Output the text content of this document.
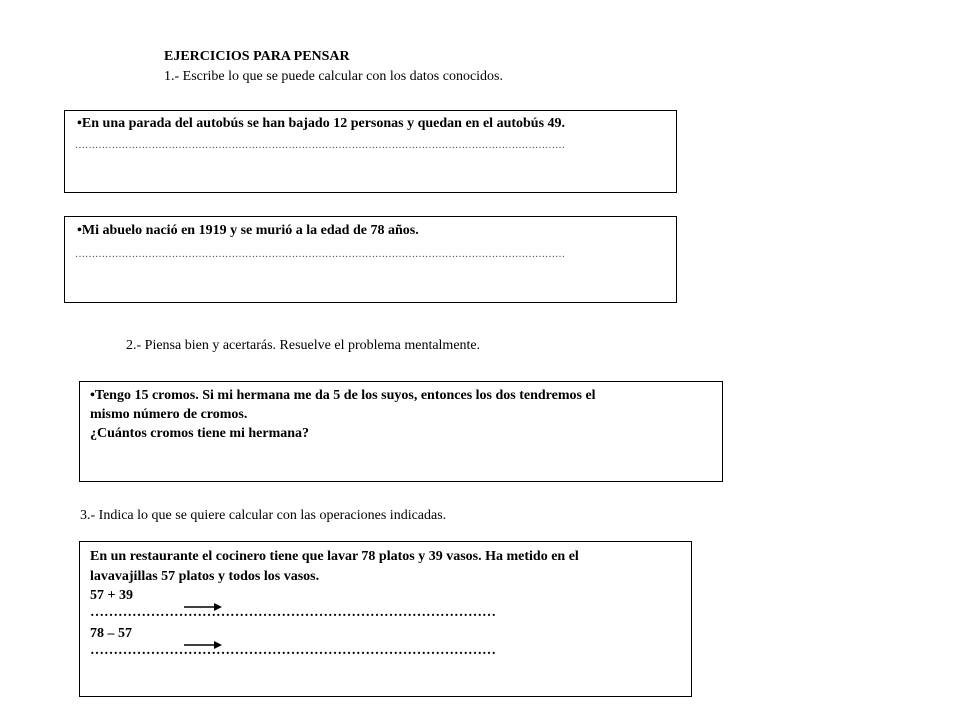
EJERCICIOS PARA PENSAR
1.- Escribe lo que se puede calcular con los datos conocidos.
•En una parada del autobús se han bajado 12 personas y quedan en el autobús 49.
…………………………………………………………………………………………………………………………………
•Mi abuelo nació en 1919 y se murió a la edad de 78 años.
…………………………………………………………………………………………………………………………………
2.- Piensa bien y acertarás. Resuelve el problema mentalmente.
•Tengo 15 cromos. Si mi hermana me da 5 de los suyos, entonces los dos tendremos el
mismo número de cromos.
¿Cuántos cromos tiene mi hermana?
3.- Indica lo que se quiere calcular con las operaciones indicadas.
En un restaurante el cocinero tiene que lavar 78 platos y 39 vasos. Ha metido en el
lavavajillas 57 platos y todos los vasos.
57 + 39
……………………………………………………………………………
78 – 57
……………………………………………………………………………
